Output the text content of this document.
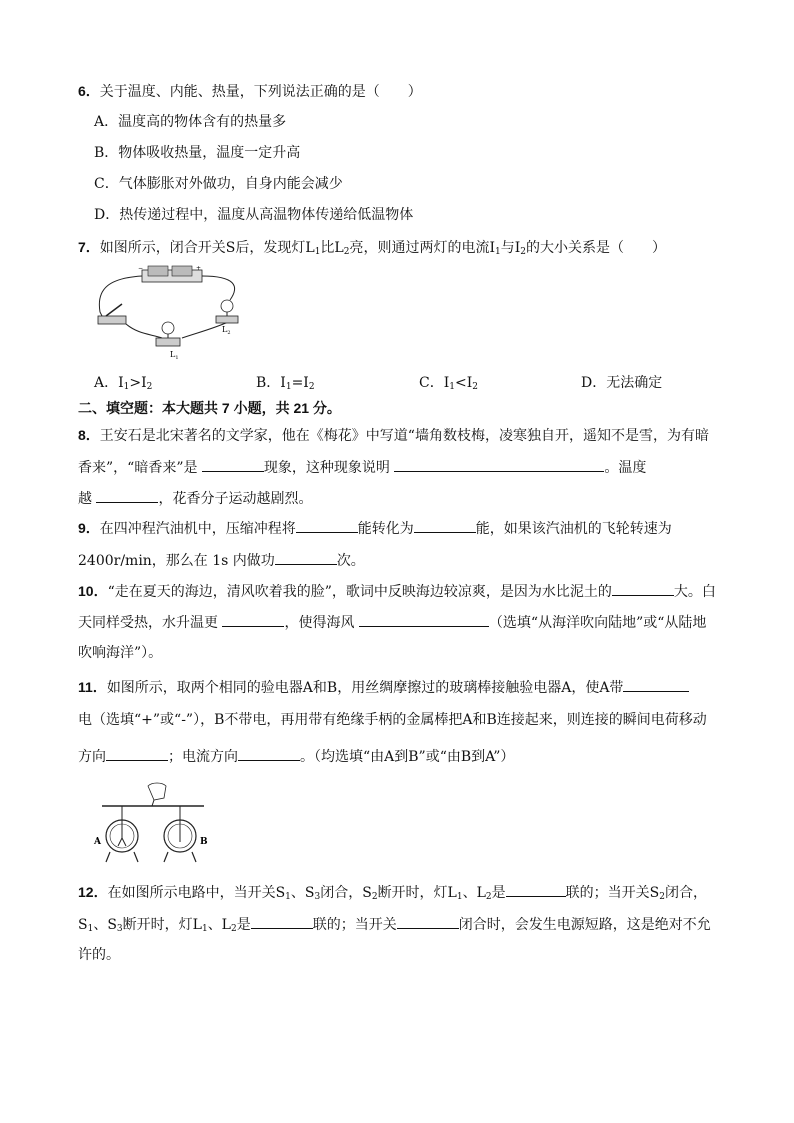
6．关于温度、内能、热量，下列说法正确的是（　　）
A．温度高的物体含有的热量多
B．物体吸收热量，温度一定升高
C．气体膨胀对外做功，自身内能会减少
D．热传递过程中，温度从高温物体传递给低温物体
7．如图所示，闭合开关S后，发现灯$L_1$比$L_2$亮，则通过两灯的电流$I_1$与$I_2$的大小关系是（　　）
−	+
$L_2$
$L_1$
A．$I_1>I_2$	B．$I_1=I_2$	C．$I_1<I_2$	D．无法确定
二、填空题：本大题共 7 小题，共 21 分。
8．王安石是北宋著名的文学家，他在《梅花》中写道“墙角数枝梅，凌寒独自开，遥知不是雪，为有暗
香来”，“暗香来”是	现象，这种现象说明	。温度
越	，花香分子运动越剧烈。
9．在四冲程汽油机中，压缩冲程将	能转化为	能，如果该汽油机的飞轮转速为
2400r/min，那么在 1s 内做功	次。
10．“走在夏天的海边，清风吹着我的脸”，歌词中反映海边较凉爽，是因为水比泥土的	大。白
天同样受热，水升温更	，使得海风	（选填“从海洋吹向陆地”或“从陆地
吹响海洋”）。
11．如图所示，取两个相同的验电器A和B，用丝绸摩擦过的玻璃棒接触验电器A，使A带
电（选填“+”或“-”），B不带电，再用带有绝缘手柄的金属棒把A和B连接起来，则连接的瞬间电荷移动
方向	；电流方向	。（均选填“由A到B”或“由B到A”）
A	B
12．在如图所示电路中，当开关$S_1$、$S_3$闭合，$S_2$断开时，灯$L_1$、$L_2$是	联的；当开关$S_2$闭合，
$S_1$、$S_3$断开时，灯$L_1$、$L_2$是	联的；当开关	闭合时，会发生电源短路，这是绝对不允
许的。
